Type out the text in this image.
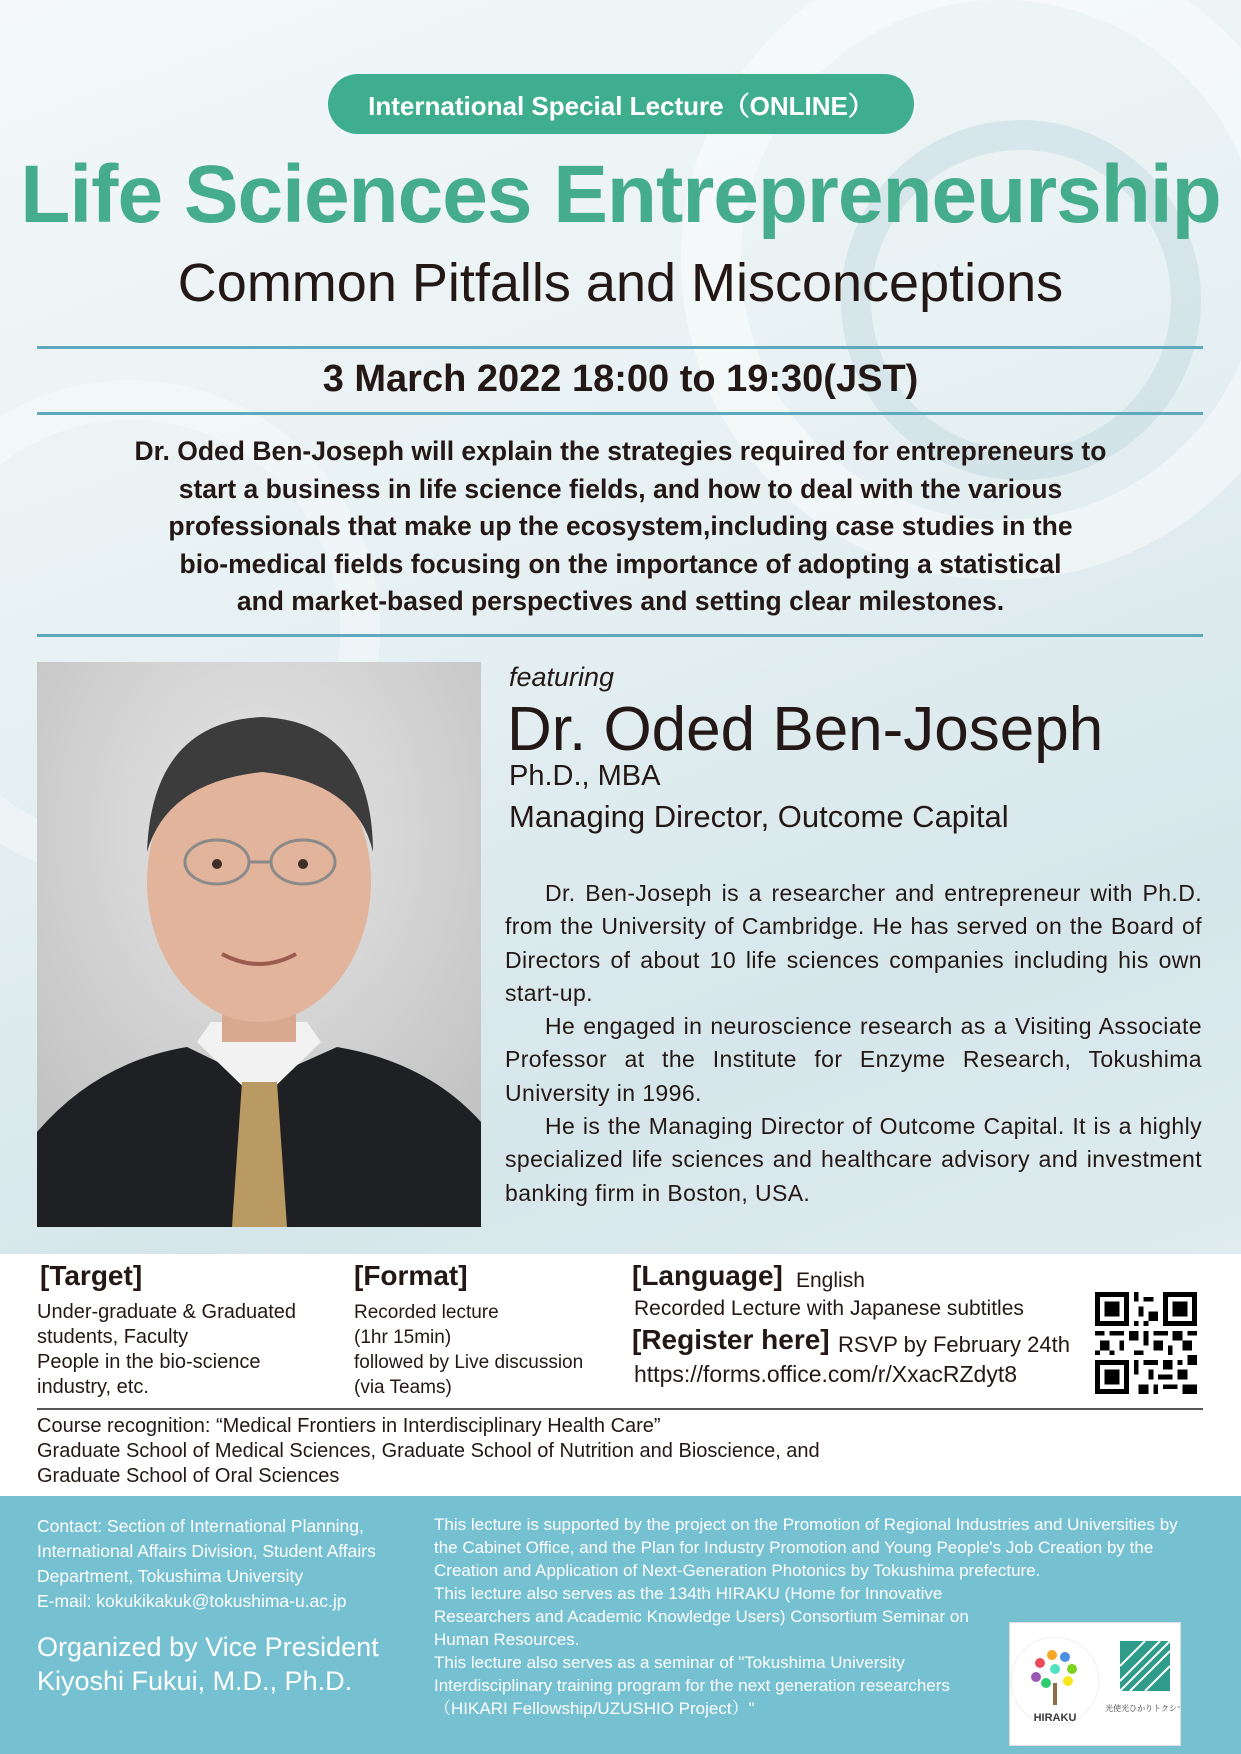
International Special Lecture（ONLINE）
Life Sciences Entrepreneurship
Common Pitfalls and Misconceptions
3 March 2022 18:00 to 19:30(JST)
Dr. Oded Ben-Joseph will explain the strategies required for entrepreneurs to
start a business in life science fields, and how to deal with the various
professionals that make up the ecosystem,including case studies in the
bio-medical fields focusing on the importance of adopting a statistical
and market-based perspectives and setting clear milestones.
featuring
Dr. Oded Ben-Joseph
Ph.D., MBA
Managing Director, Outcome Capital

Dr. Ben-Joseph is a researcher and entrepreneur with Ph.D. from the University of Cambridge. He has served on the Board of Directors of about 10 life sciences companies including his own start-up.

He engaged in neuroscience research as a Visiting Associate Professor at the Institute for Enzyme Research, Tokushima University in 1996.

He is the Managing Director of Outcome Capital. It is a highly specialized life sciences and healthcare advisory and investment banking firm in Boston, USA.

[Target]
Under-graduate & Graduated
students, Faculty
People in the bio-science
industry, etc.
[Format]
Recorded lecture
(1hr 15min)
followed by Live discussion
(via Teams)
[Language] English
Recorded Lecture with Japanese subtitles
[Register here] RSVP by February 24th
https://forms.office.com/r/XxacRZdyt8
Course recognition: “Medical Frontiers in Interdisciplinary Health Care”
Graduate School of Medical Sciences, Graduate School of Nutrition and Bioscience, and
Graduate School of Oral Sciences
Contact: Section of International Planning,
International Affairs Division, Student Affairs
Department, Tokushima University
E-mail: kokukikakuk@tokushima-u.ac.jp
Organized by Vice President
Kiyoshi Fukui, M.D., Ph.D.

This lecture is supported by the project on the Promotion of Regional Industries and Universities by the Cabinet Office, and the Plan for Industry Promotion and Young People's Job Creation by the Creation and Application of Next-Generation Photonics by Tokushima prefecture.

This lecture also serves as the 134th HIRAKU (Home for Innovative Researchers and Academic Knowledge Users) Consortium Seminar on Human Resources.

This lecture also serves as a seminar of "Tokushima University Interdisciplinary training program for the next generation researchers（HIKARI Fellowship/UZUSHIO Project）"	HIRAKU
光使光ひかりトクシマ
